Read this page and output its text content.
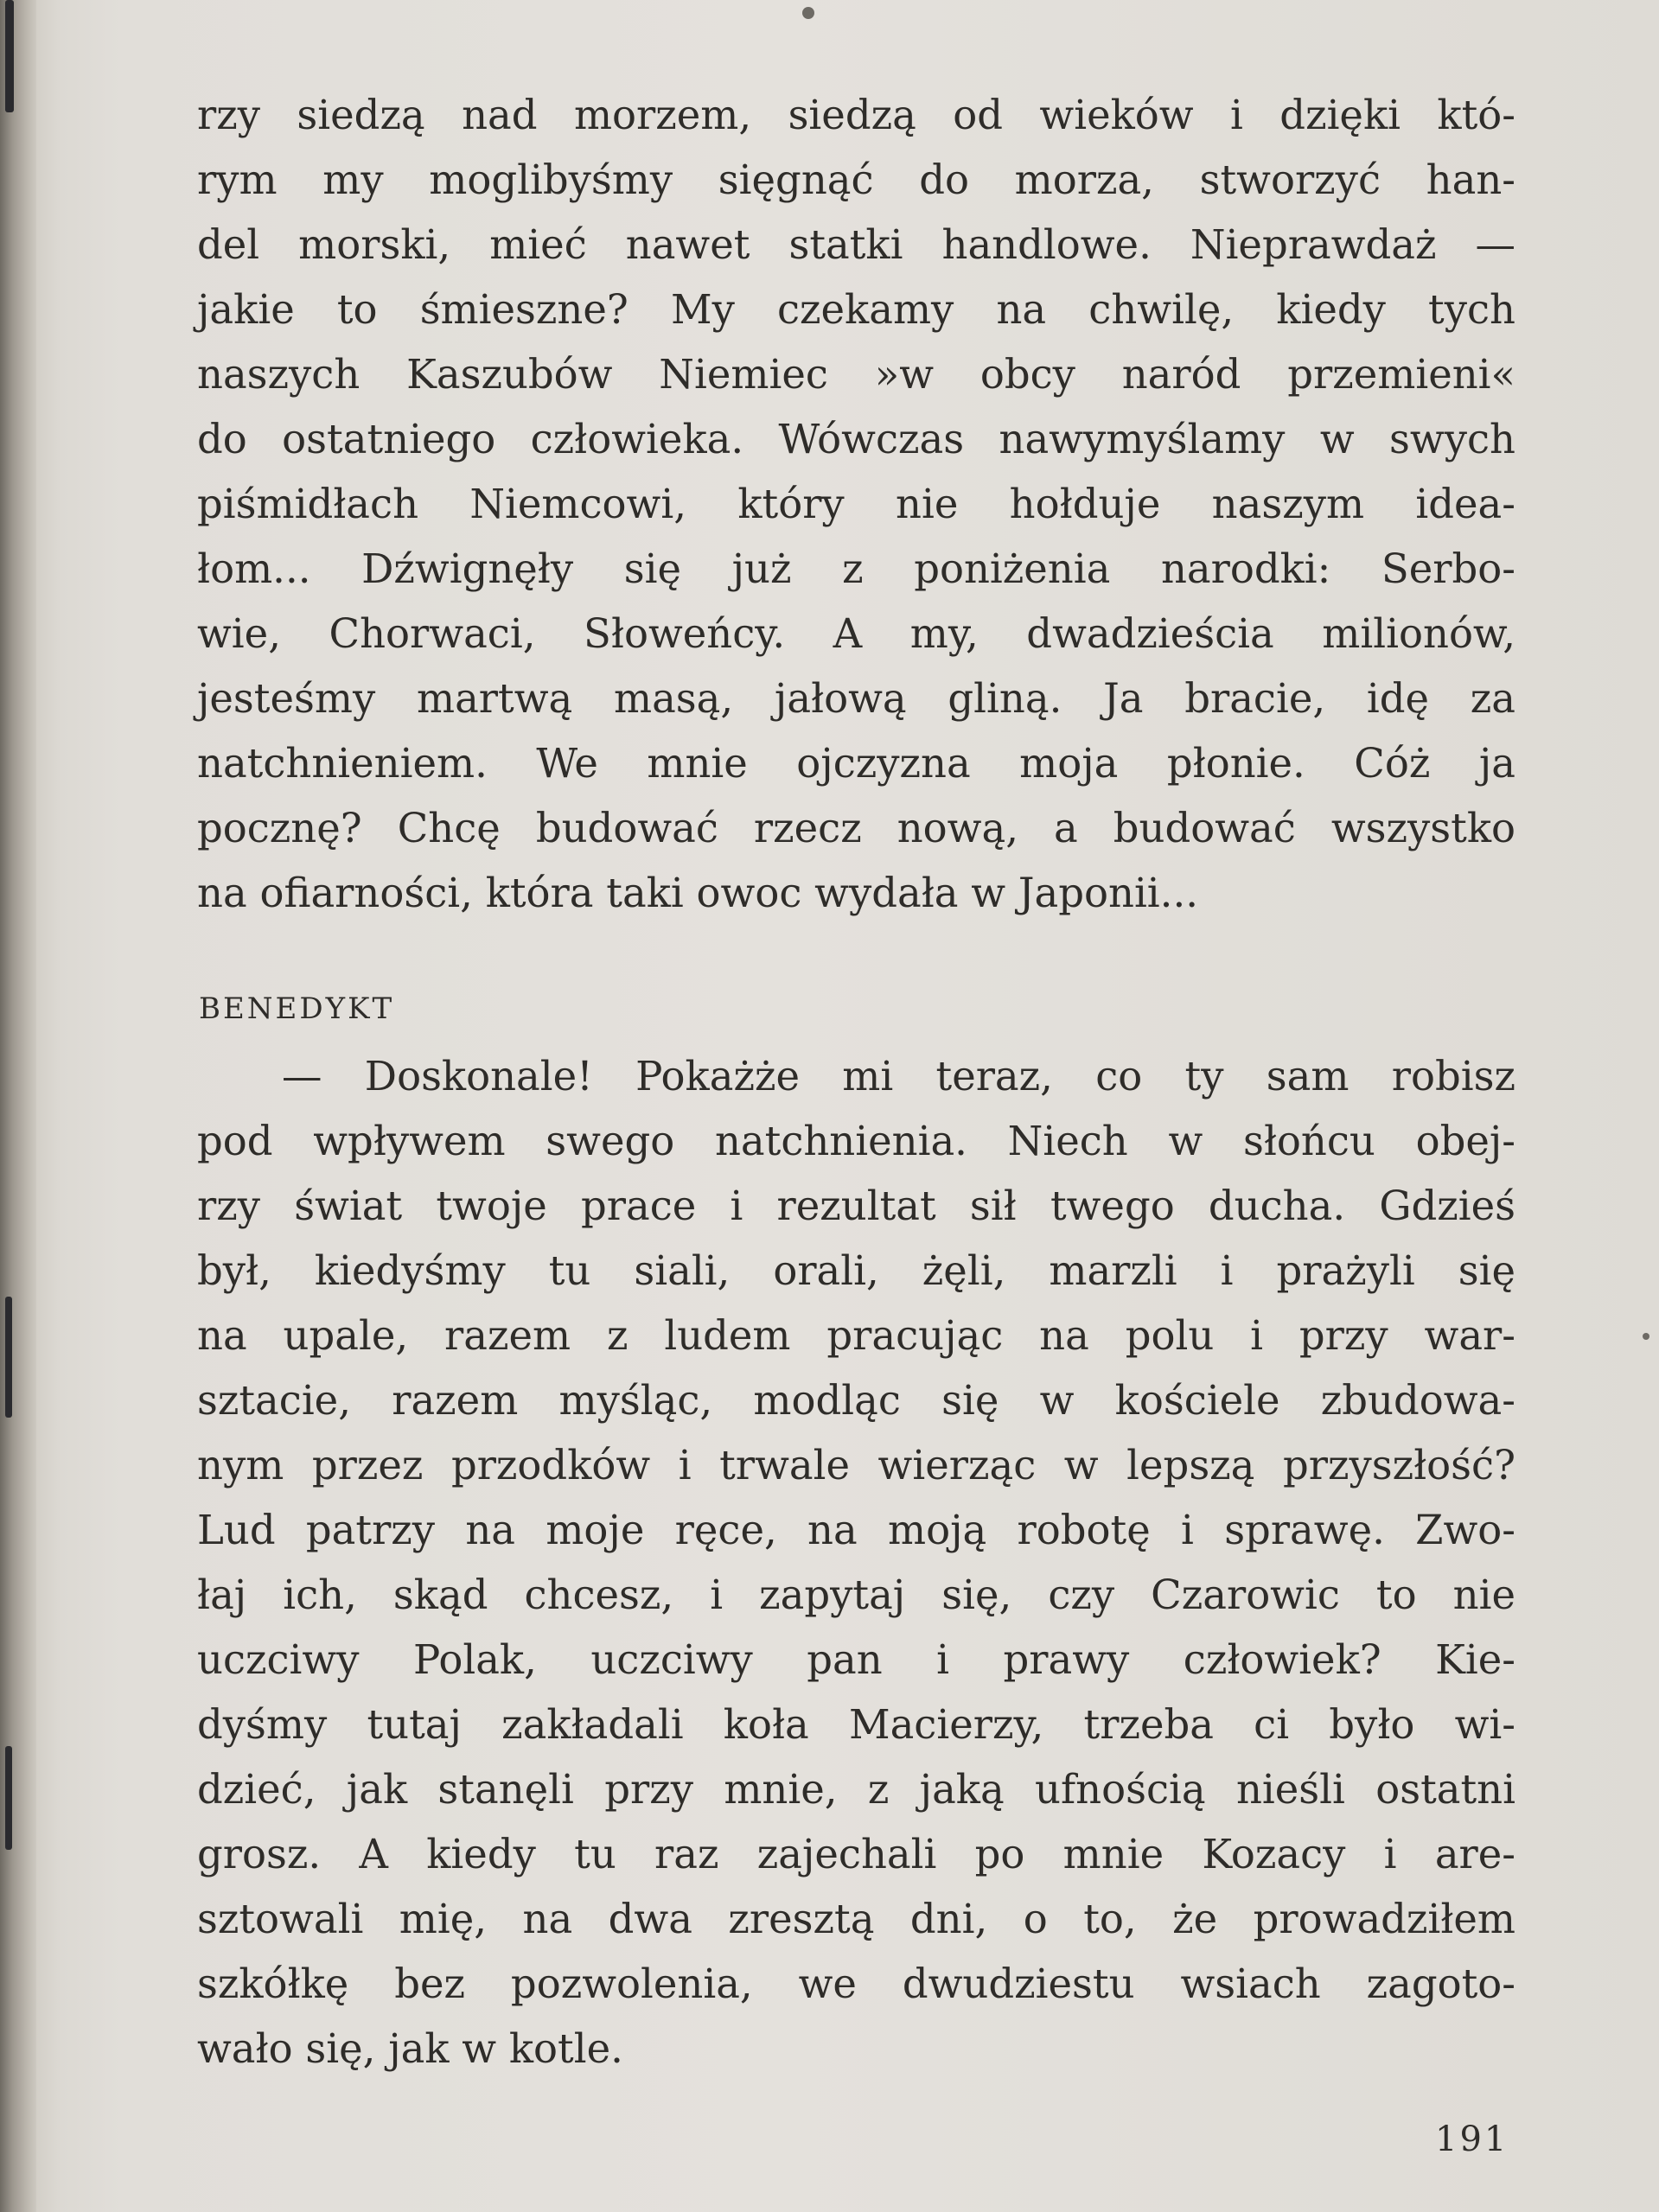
rzy siedzą nad morzem, siedzą od wieków i dzięki któ-
rym my moglibyśmy sięgnąć do morza, stworzyć han-
del morski, mieć nawet statki handlowe. Nieprawdaż —
jakie to śmieszne? My czekamy na chwilę, kiedy tych
naszych Kaszubów Niemiec »w obcy naród przemieni«
do ostatniego człowieka. Wówczas nawymyślamy w swych
piśmidłach Niemcowi, który nie hołduje naszym idea-
łom... Dźwignęły się już z poniżenia narodki: Serbo-
wie, Chorwaci, Słoweńcy. A my, dwadzieścia milionów,
jesteśmy martwą masą, jałową gliną. Ja bracie, idę za
natchnieniem. We mnie ojczyzna moja płonie. Cóż ja
pocznę? Chcę budować rzecz nową, a budować wszystko
na ofiarności, która taki owoc wydała w Japonii...
BENEDYKT
— Doskonale! Pokażże mi teraz, co ty sam robisz
pod wpływem swego natchnienia. Niech w słońcu obej-
rzy świat twoje prace i rezultat sił twego ducha. Gdzieś
był, kiedyśmy tu siali, orali, żęli, marzli i prażyli się
na upale, razem z ludem pracując na polu i przy war-
sztacie, razem myśląc, modląc się w kościele zbudowa-
nym przez przodków i trwale wierząc w lepszą przyszłość?
Lud patrzy na moje ręce, na moją robotę i sprawę. Zwo-
łaj ich, skąd chcesz, i zapytaj się, czy Czarowic to nie
uczciwy Polak, uczciwy pan i prawy człowiek? Kie-
dyśmy tutaj zakładali koła Macierzy, trzeba ci było wi-
dzieć, jak stanęli przy mnie, z jaką ufnością nieśli ostatni
grosz. A kiedy tu raz zajechali po mnie Kozacy i are-
sztowali mię, na dwa zresztą dni, o to, że prowadziłem
szkółkę bez pozwolenia, we dwudziestu wsiach zagoto-
wało się, jak w kotle.
191
